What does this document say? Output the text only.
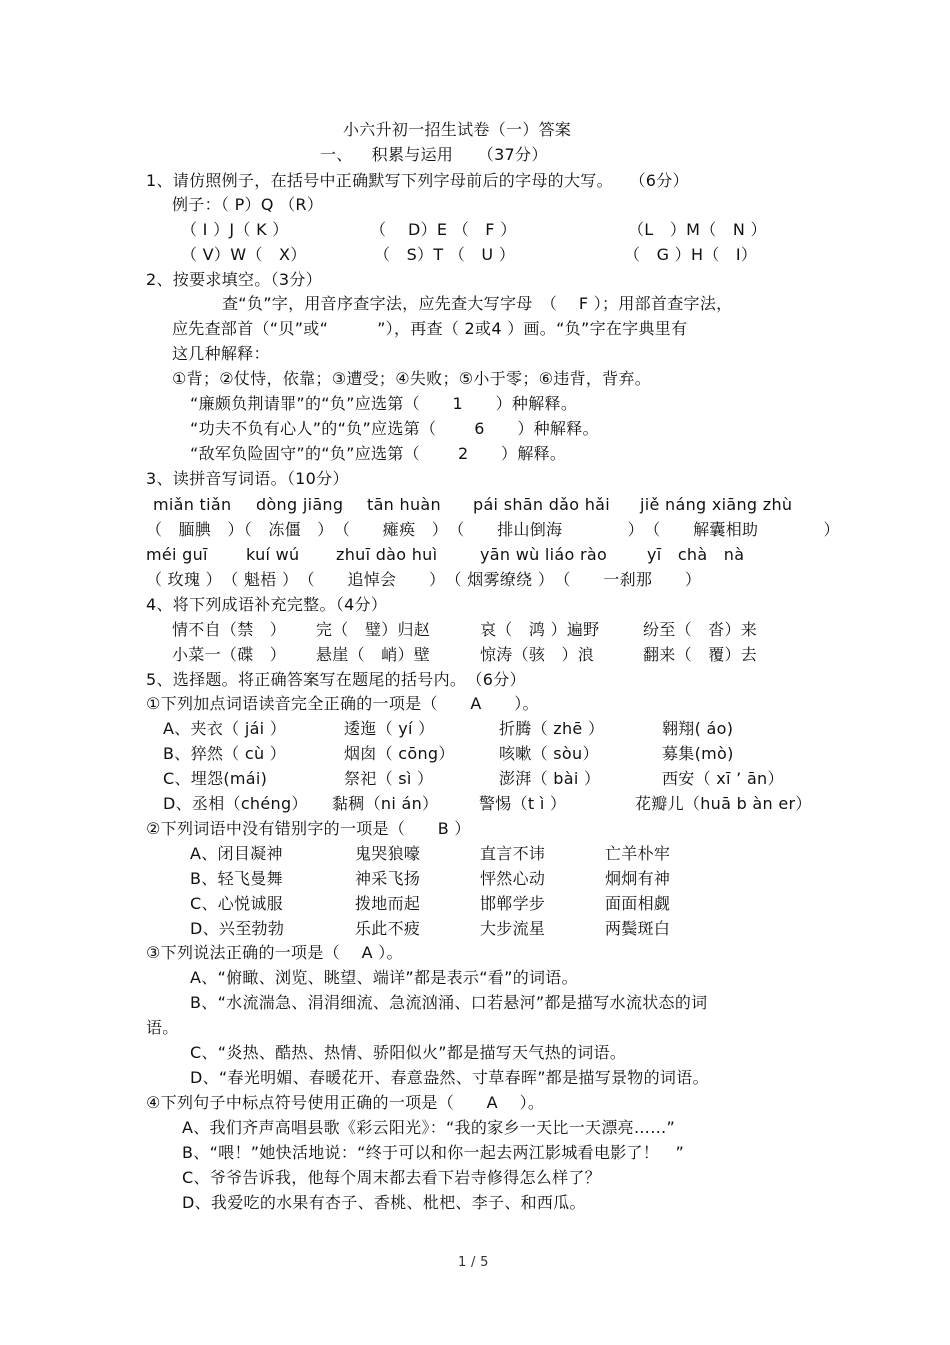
小六升初一招生试卷（一）答案
一、　  积累与运用　　（37分）
1、请仿照例子，在括号中正确默写下列字母前后的字母的大写。　　（6分）
例子：（ P）Q （R）
（ I ）J（ K ）	（　 D）E （　F ）	（L　）M（　N ）
（ V）W（　X）	（　S）T （　U ）	（　G ）H（　I）
2、按要求填空。（3分）
查“负”字，用音序查字法，应先查大写字母　（　 F ）；用部首查字法，
应先查部首（“贝”或“　　　”），再查（ 2或4 ）画。“负”字在字典里有
这几种解释：
①背；②仗恃，依靠；③遭受；④失败；⑤小于零；⑥违背，背弃。
“廉颇负荆请罪”的“负”应选第（　　1　　）种解释。
“功夫不负有心人”的“负”应选第（　　 6　　）种解释。
“敌军负险固守”的“负”应选第（　　 2　　）解释。
3、读拼音写词语。（10分）
miǎn tiǎn dòng jiāng tān huàn pái shān dǎo hǎi jiě náng xiāng zhù
（　腼腆　）（　冻僵　）　（　　瘫痪　）　（　　排山倒海　　　　）　（　　解囊相助　　　　）
méi guī kuí wú zhuī dào huì	yān wù liáo rào yī　chà　nà
（ 玫瑰 ）　（ 魁梧 ）　（　　追悼会　　）　（ 烟雾缭绕 ）　（　　一刹那　　）
4、将下列成语补充完整。（4分）
情不自（禁　） 完（　璧）归赵	哀（　鸿 ）遍野	纷至（　沓）来
小菜一（碟　） 悬崖（　峭）壁	惊涛（骇　）浪	翻来（　覆）去
5、选择题。将正确答案写在题尾的括号内。　（6分）
①下列加点词语读音完全正确的一项是（　　A　　）。
A、夹衣（ jái ）	逶迤（ yí ）	折腾（ zhē ）	翱翔( áo)
B、猝然（ cù ）	烟囱（ cōng）	咳嗽（ sòu）	募集(mò)
C、埋怨(mái)	祭祀（ sì ）	澎湃（ bài ）	西安（ xī ’ ān）
D、丞相（chéng） 黏稠（ni án）	警惕（t ì ）	花瓣儿（huā b àn er）
②下列词语中没有错别字的一项是（　　B ）
A、闭目凝神	鬼哭狼嚎	直言不讳	亡羊朴牢
B、轻飞曼舞	神采飞扬	怦然心动	炯炯有神
C、心悦诚服	拨地而起	邯郸学步	面面相觑
D、兴至勃勃	乐此不疲	大步流星	两鬓斑白
③下列说法正确的一项是（　 A ）。
A、“俯瞰、浏览、眺望、端详”都是表示“看”的词语。
B、“水流湍急、涓涓细流、急流汹涌、口若悬河”都是描写水流状态的词
语。
C、“炎热、酷热、热情、骄阳似火”都是描写天气热的词语。
D、“春光明媚、春暖花开、春意盎然、寸草春晖”都是描写景物的词语。
④下列句子中标点符号使用正确的一项是（　　A　 ）。
A、我们齐声高唱县歌《彩云阳光》：“我的家乡一天比一天漂亮……”
B、“喂！”她快活地说：“终于可以和你一起去两江影城看电影了！　”
C、爷爷告诉我，他每个周末都去看下岩寺修得怎么样了？
D、我爱吃的水果有杏子、香桃、枇杷、李子、和西瓜。
1 / 5
